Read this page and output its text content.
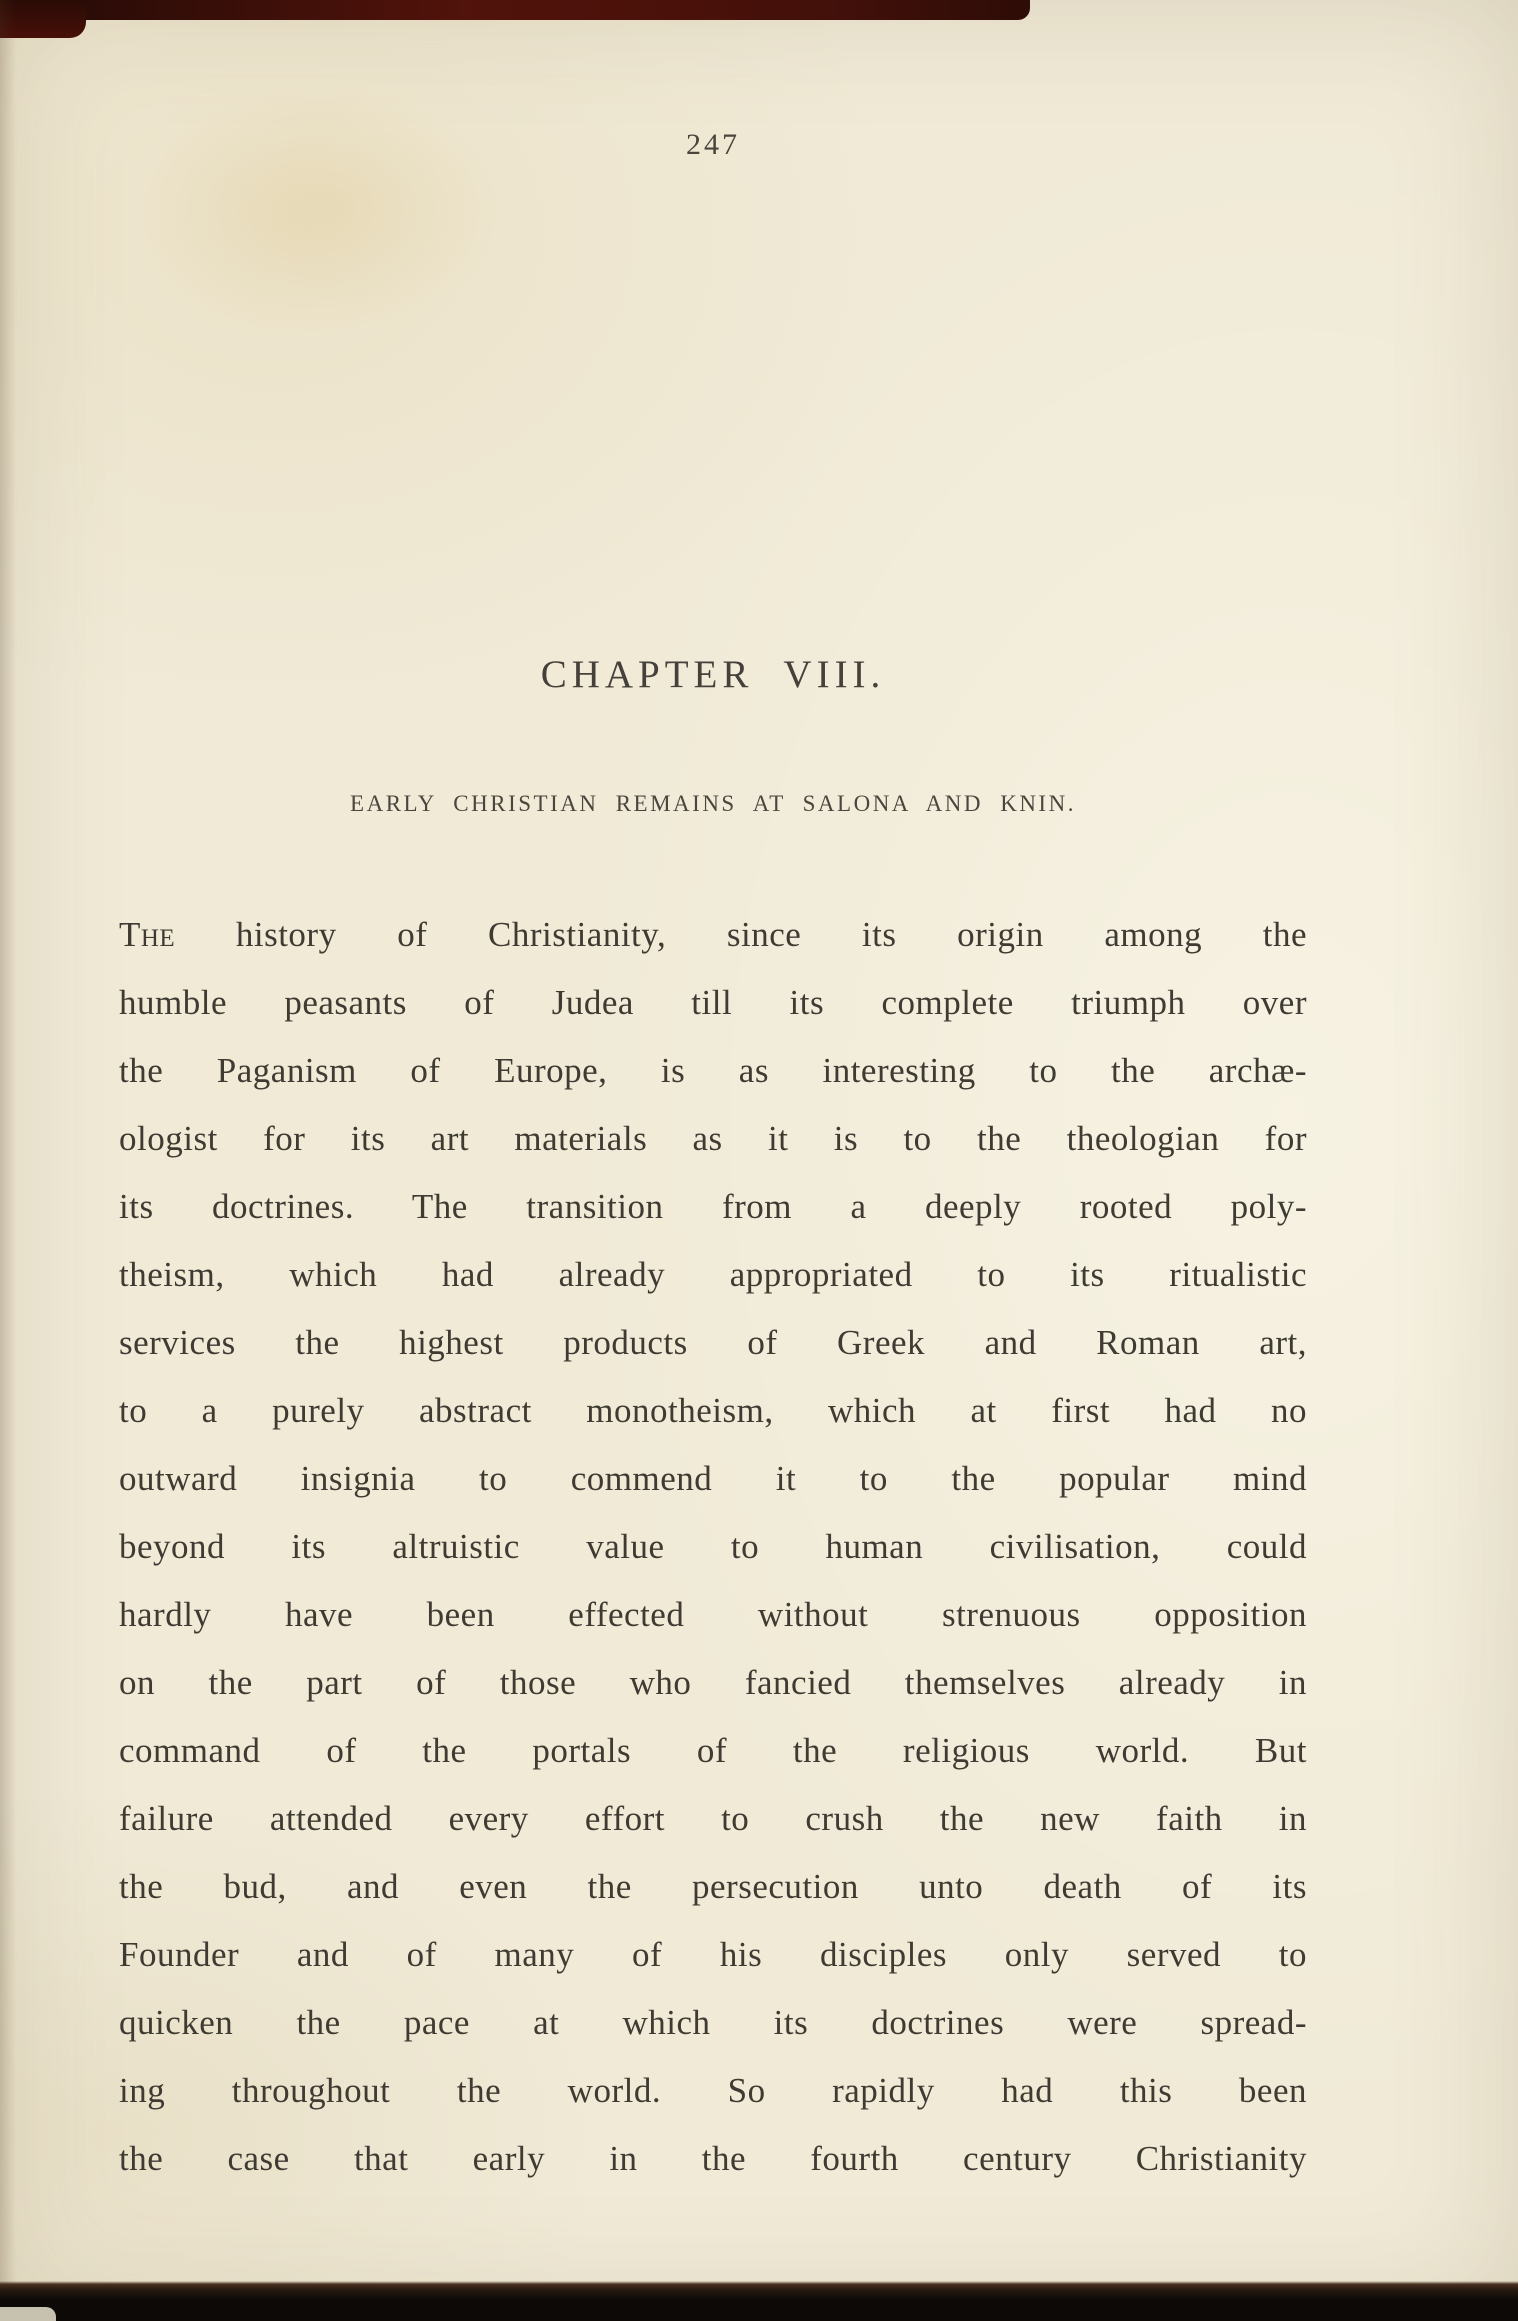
247
CHAPTER VIII.
EARLY CHRISTIAN REMAINS AT SALONA AND KNIN.
The history of Christianity, since its origin among the
humble peasants of Judea till its complete triumph over
the Paganism of Europe, is as interesting to the archæ-
ologist for its art materials as it is to the theologian for
its doctrines. The transition from a deeply rooted poly-
theism, which had already appropriated to its ritualistic
services the highest products of Greek and Roman art,
to a purely abstract monotheism, which at first had no
outward insignia to commend it to the popular mind
beyond its altruistic value to human civilisation, could
hardly have been effected without strenuous opposition
on the part of those who fancied themselves already in
command of the portals of the religious world. But
failure attended every effort to crush the new faith in
the bud, and even the persecution unto death of its
Founder and of many of his disciples only served to
quicken the pace at which its doctrines were spread-
ing throughout the world. So rapidly had this been
the case that early in the fourth century Christianity
